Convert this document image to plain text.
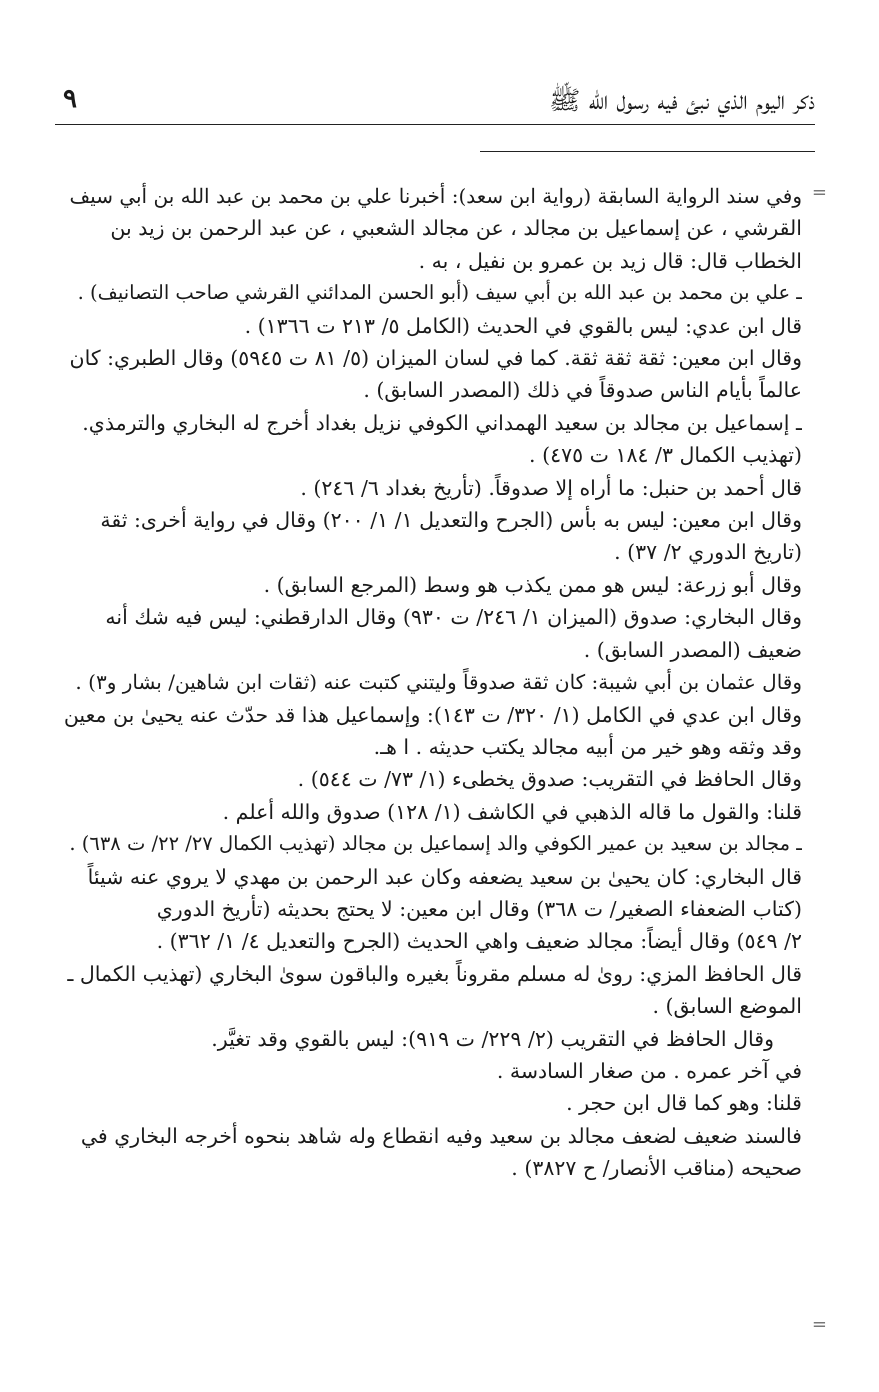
ذكر اليوم الذي نبئ فيه رسول الله ﷺ
٩
=
=
وفي سند الرواية السابقة (رواية ابن سعد): أخبرنا علي بن محمد بن عبد الله بن أبي سيف
القرشي ، عن إسماعيل بن مجالد ، عن مجالد الشعبي ، عن عبد الرحمن بن زيد بن
الخطاب قال: قال زيد بن عمرو بن نفيل ، به .
ـ علي بن محمد بن عبد الله بن أبي سيف (أبو الحسن المدائني القرشي صاحب التصانيف) .
قال ابن عدي: ليس بالقوي في الحديث (الكامل ٥/ ٢١٣ ت ١٣٦٦) .
وقال ابن معين: ثقة ثقة ثقة. كما في لسان الميزان (٥/ ٨١ ت ٥٩٤٥) وقال الطبري: كان
عالماً بأيام الناس صدوقاً في ذلك (المصدر السابق) .
ـ إسماعيل بن مجالد بن سعيد الهمداني الكوفي نزيل بغداد أخرج له البخاري والترمذي.
(تهذيب الكمال ٣/ ١٨٤ ت ٤٧٥) .
قال أحمد بن حنبل: ما أراه إلا صدوقاً. (تأريخ بغداد ٦/ ٢٤٦) .
وقال ابن معين: ليس به بأس (الجرح والتعديل ١/ ١/ ٢٠٠) وقال في رواية أخرى: ثقة
(تاريخ الدوري ٢/ ٣٧) .
وقال أبو زرعة: ليس هو ممن يكذب هو وسط (المرجع السابق) .
وقال البخاري: صدوق (الميزان ١/ ٢٤٦/ ت ٩٣٠) وقال الدارقطني: ليس فيه شك أنه
ضعيف (المصدر السابق) .
وقال عثمان بن أبي شيبة: كان ثقة صدوقاً وليتني كتبت عنه (ثقات ابن شاهين/ بشار و٣) .
وقال ابن عدي في الكامل (١/ ٣٢٠/ ت ١٤٣): وإسماعيل هذا قد حدّث عنه يحيىٰ بن معين
وقد وثقه وهو خير من أبيه مجالد يكتب حديثه . ا هـ.
وقال الحافظ في التقريب: صدوق يخطىء (١/ ٧٣/ ت ٥٤٤) .
قلنا: والقول ما قاله الذهبي في الكاشف (١/ ١٢٨) صدوق والله أعلم .
ـ مجالد بن سعيد بن عمير الكوفي والد إسماعيل بن مجالد (تهذيب الكمال ٢٧/ ٢٢/ ت ٦٣٨) .
قال البخاري: كان يحيىٰ بن سعيد يضعفه وكان عبد الرحمن بن مهدي لا يروي عنه شيئاً
(كتاب الضعفاء الصغير/ ت ٣٦٨) وقال ابن معين: لا يحتج بحديثه (تأريخ الدوري
٢/ ٥٤٩) وقال أيضاً: مجالد ضعيف واهي الحديث (الجرح والتعديل ٤/ ١/ ٣٦٢) .
قال الحافظ المزي: روىٰ له مسلم مقروناً بغيره والباقون سوىٰ البخاري (تهذيب الكمال ـ
الموضع السابق) .
وقال الحافظ في التقريب (٢/ ٢٢٩/ ت ٩١٩): ليس بالقوي وقد تغيَّر.
في آخر عمره . من صغار السادسة .
قلنا: وهو كما قال ابن حجر .
فالسند ضعيف لضعف مجالد بن سعيد وفيه انقطاع وله شاهد بنحوه أخرجه البخاري في
صحيحه (مناقب الأنصار/ ح ٣٨٢٧) .
